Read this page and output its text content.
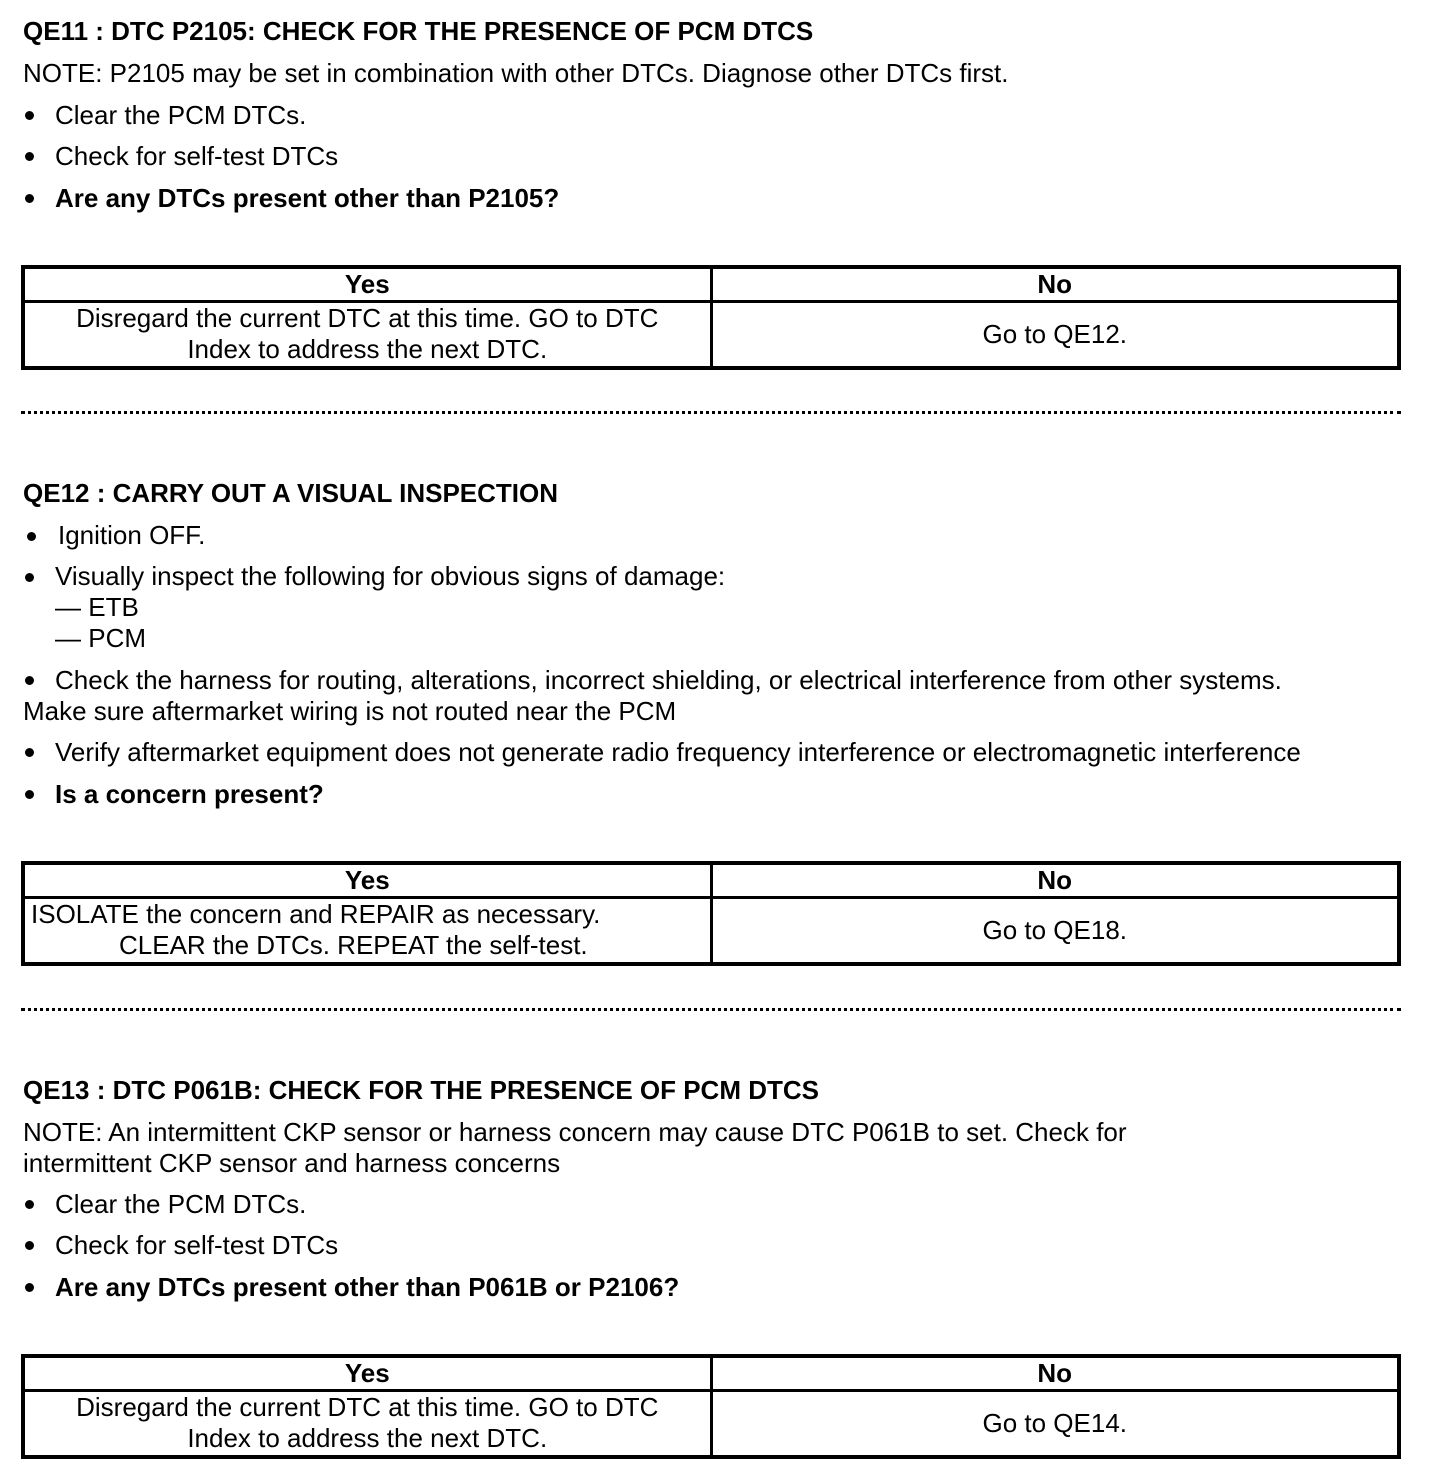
QE11 : DTC P2105: CHECK FOR THE PRESENCE OF PCM DTCS
NOTE: P2105 may be set in combination with other DTCs. Diagnose other DTCs first.
Clear the PCM DTCs.
Check for self-test DTCs
Are any DTCs present other than P2105?
Yes	No

Disregard the current DTC at this time. GO to DTC
Index to address the next DTC.	Go to QE12.
QE12 : CARRY OUT A VISUAL INSPECTION
Ignition OFF.
Visually inspect the following for obvious signs of damage:
— ETB
— PCM
Check the harness for routing, alterations, incorrect shielding, or electrical interference from other systems.
Make sure aftermarket wiring is not routed near the PCM
Verify aftermarket equipment does not generate radio frequency interference or electromagnetic interference
Is a concern present?
Yes	No

ISOLATE the concern and REPAIR as necessary.
CLEAR the DTCs. REPEAT the self-test.	Go to QE18.
QE13 : DTC P061B: CHECK FOR THE PRESENCE OF PCM DTCS
NOTE: An intermittent CKP sensor or harness concern may cause DTC P061B to set. Check for
intermittent CKP sensor and harness concerns
Clear the PCM DTCs.
Check for self-test DTCs
Are any DTCs present other than P061B or P2106?
Yes	No

Disregard the current DTC at this time. GO to DTC
Index to address the next DTC.	Go to QE14.
